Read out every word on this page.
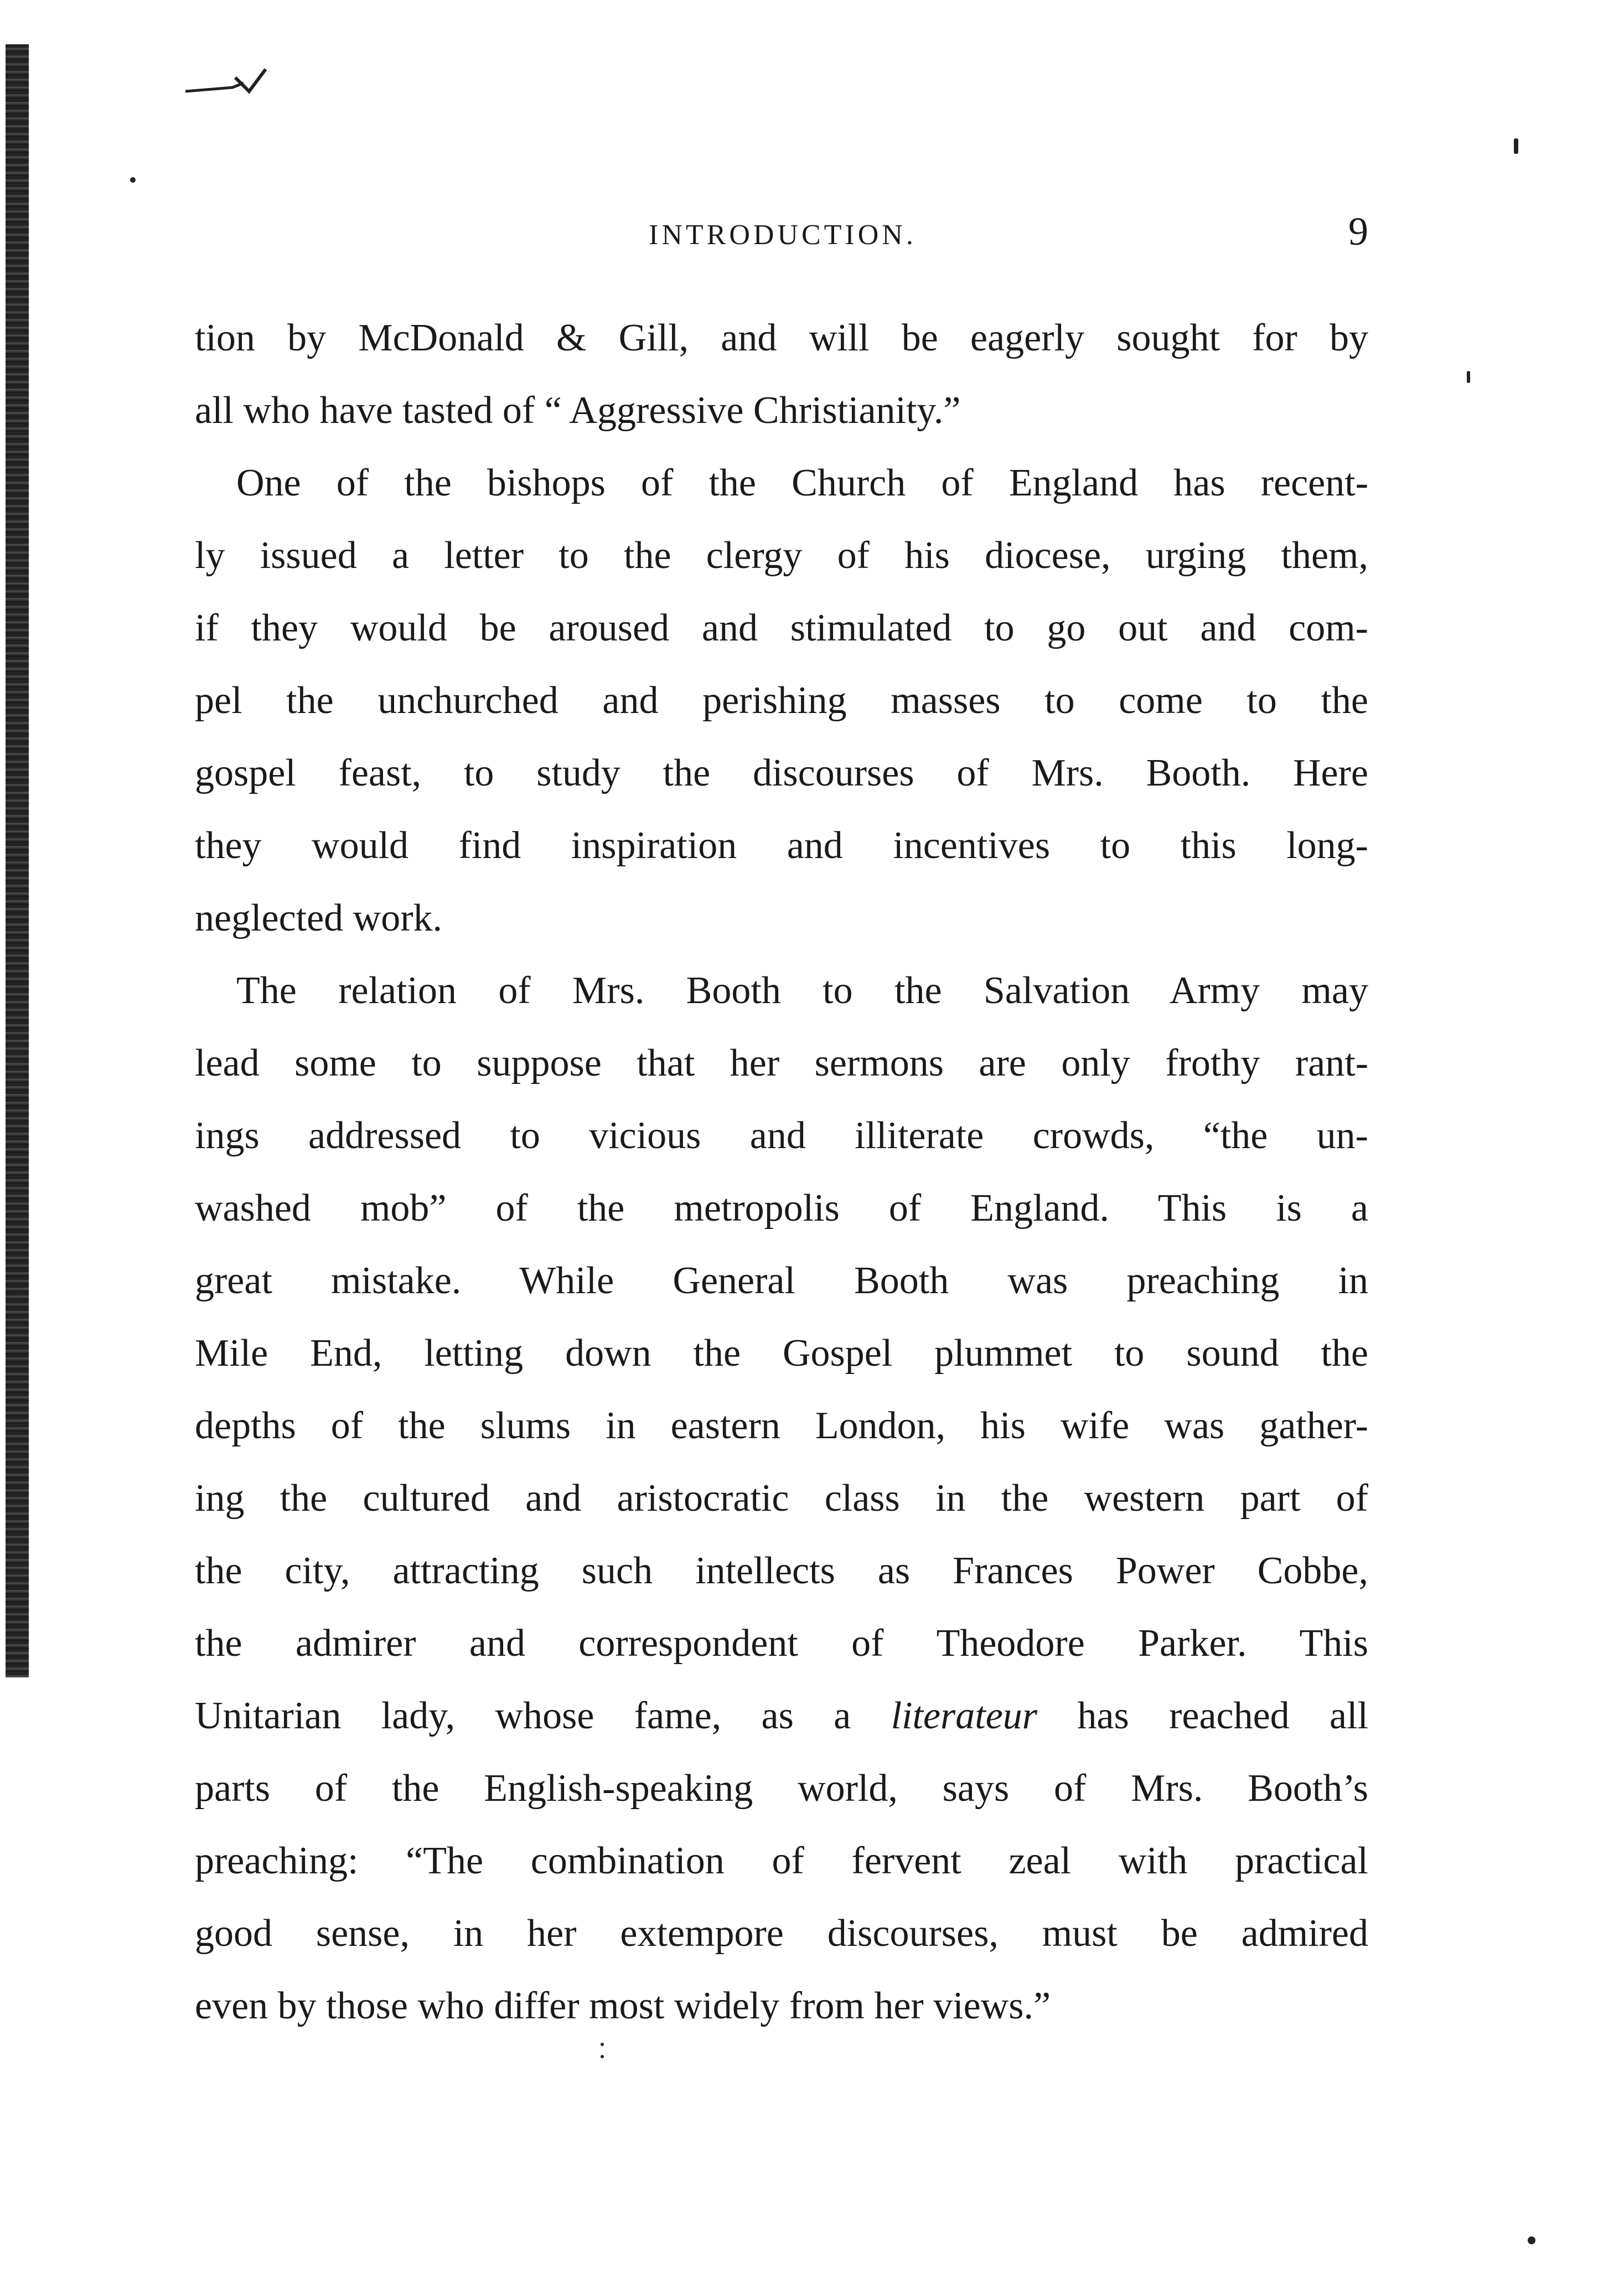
INTRODUCTION.	9
tion by McDonald & Gill, and will be eagerly sought for by
all who have tasted of “ Aggressive Christianity.”
One of the bishops of the Church of England has recent-
ly issued a letter to the clergy of his diocese, urging them,
if they would be aroused and stimulated to go out and com-
pel the unchurched and perishing masses to come to the
gospel feast, to study the discourses of Mrs. Booth. Here
they would find inspiration and incentives to this long-
neglected work.
The relation of Mrs. Booth to the Salvation Army may
lead some to suppose that her sermons are only frothy rant-
ings addressed to vicious and illiterate crowds, “the un-
washed mob” of the metropolis of England. This is a
great mistake. While General Booth was preaching in
Mile End, letting down the Gospel plummet to sound the
depths of the slums in eastern London, his wife was gather-
ing the cultured and aristocratic class in the western part of
the city, attracting such intellects as Frances Power Cobbe,
the admirer and correspondent of Theodore Parker. This
Unitarian lady, whose fame, as a literateur has reached all
parts of the English-speaking world, says of Mrs. Booth’s
preaching: “The combination of fervent zeal with practical
good sense, in her extempore discourses, must be admired
even by those who differ most widely from her views.”
